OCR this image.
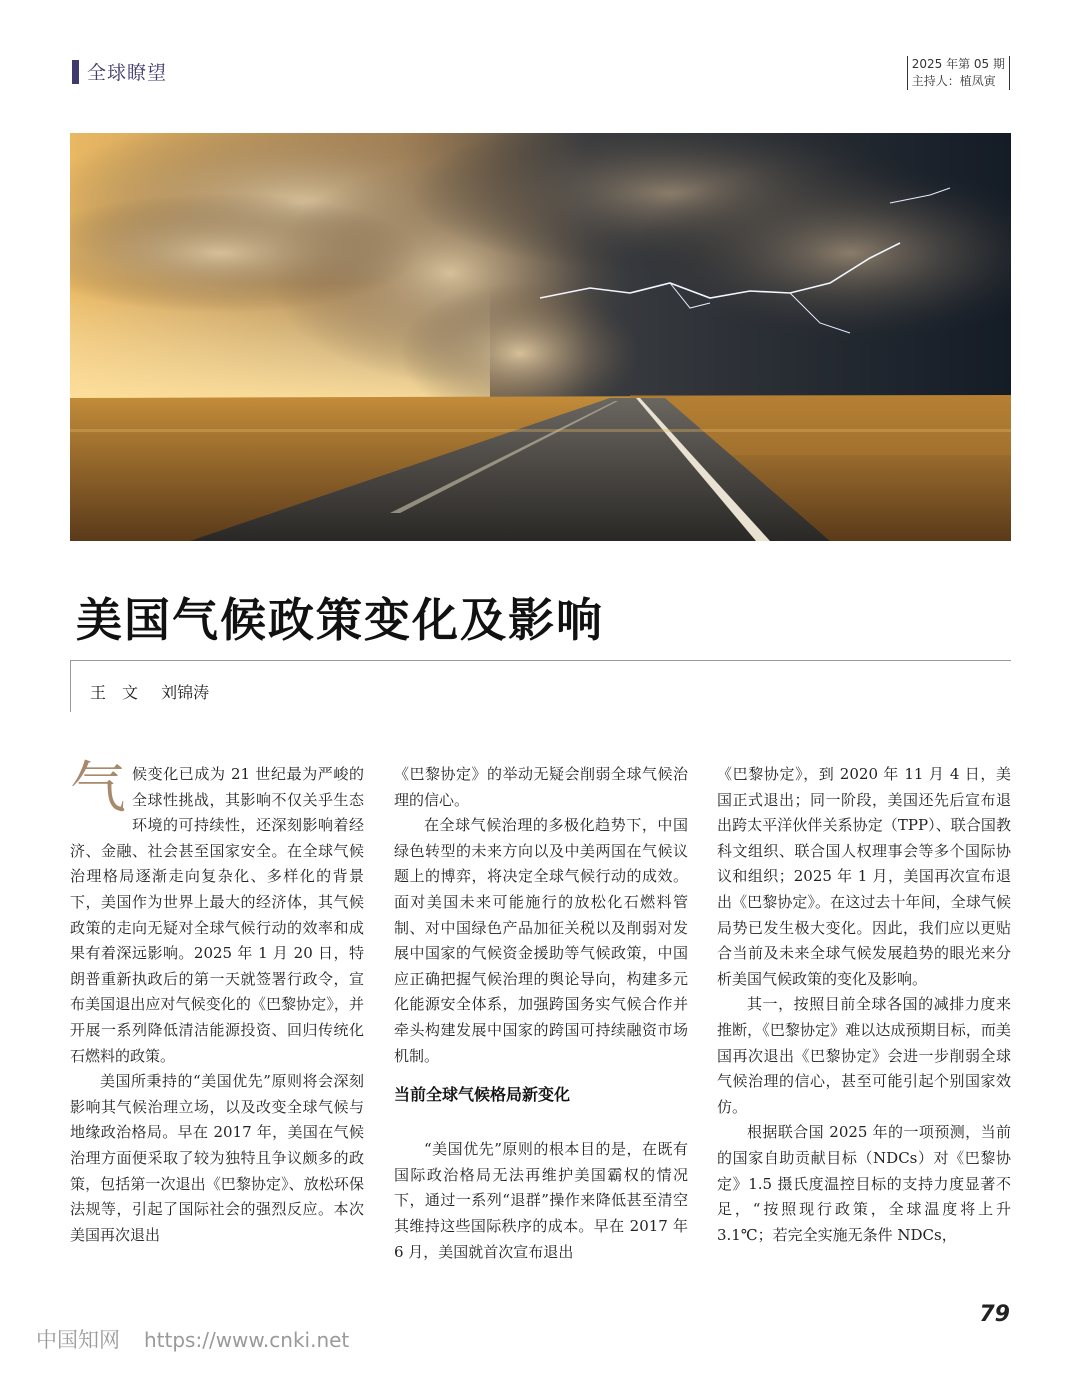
全球瞭望	2025 年第 05 期
主持人：植凤寅
美国气候政策变化及影响
王　文 刘锦涛

气候变化已成为 21 世纪最为严峻的全球性挑战，其影响不仅关乎生态环境的可持续性，还深刻影响着经济、金融、社会甚至国家安全。在全球气候治理格局逐渐走向复杂化、多样化的背景下，美国作为世界上最大的经济体，其气候政策的走向无疑对全球气候行动的效率和成果有着深远影响。2025 年 1 月 20 日，特朗普重新执政后的第一天就签署行政令，宣布美国退出应对气候变化的《巴黎协定》，并开展一系列降低清洁能源投资、回归传统化石燃料的政策。

美国所秉持的“美国优先”原则将会深刻影响其气候治理立场，以及改变全球气候与地缘政治格局。早在 2017 年，美国在气候治理方面便采取了较为独特且争议颇多的政策，包括第一次退出《巴黎协定》、放松环保法规等，引起了国际社会的强烈反应。本次美国再次退出

《巴黎协定》的举动无疑会削弱全球气候治理的信心。

在全球气候治理的多极化趋势下，中国绿色转型的未来方向以及中美两国在气候议题上的博弈，将决定全球气候行动的成效。面对美国未来可能施行的放松化石燃料管制、对中国绿色产品加征关税以及削弱对发展中国家的气候资金援助等气候政策，中国应正确把握气候治理的舆论导向，构建多元化能源安全体系，加强跨国务实气候合作并牵头构建发展中国家的跨国可持续融资市场机制。

当前全球气候格局新变化

“美国优先”原则的根本目的是，在既有国际政治格局无法再维护美国霸权的情况下，通过一系列“退群”操作来降低甚至清空其维持这些国际秩序的成本。早在 2017 年 6 月，美国就首次宣布退出

《巴黎协定》，到 2020 年 11 月 4 日，美国正式退出；同一阶段，美国还先后宣布退出跨太平洋伙伴关系协定（TPP）、联合国教科文组织、联合国人权理事会等多个国际协议和组织；2025 年 1 月，美国再次宣布退出《巴黎协定》。在这过去十年间，全球气候局势已发生极大变化。因此，我们应以更贴合当前及未来全球气候发展趋势的眼光来分析美国气候政策的变化及影响。

其一，按照目前全球各国的减排力度来推断，《巴黎协定》难以达成预期目标，而美国再次退出《巴黎协定》会进一步削弱全球气候治理的信心，甚至可能引起个别国家效仿。

根据联合国 2025 年的一项预测，当前的国家自助贡献目标（NDCs）对《巴黎协定》1.5 摄氏度温控目标的支持力度显著不足，“按照现行政策，全球温度将上升 3.1℃；若完全实施无条件 NDCs，

中国知网 https://www.cnki.net
79
